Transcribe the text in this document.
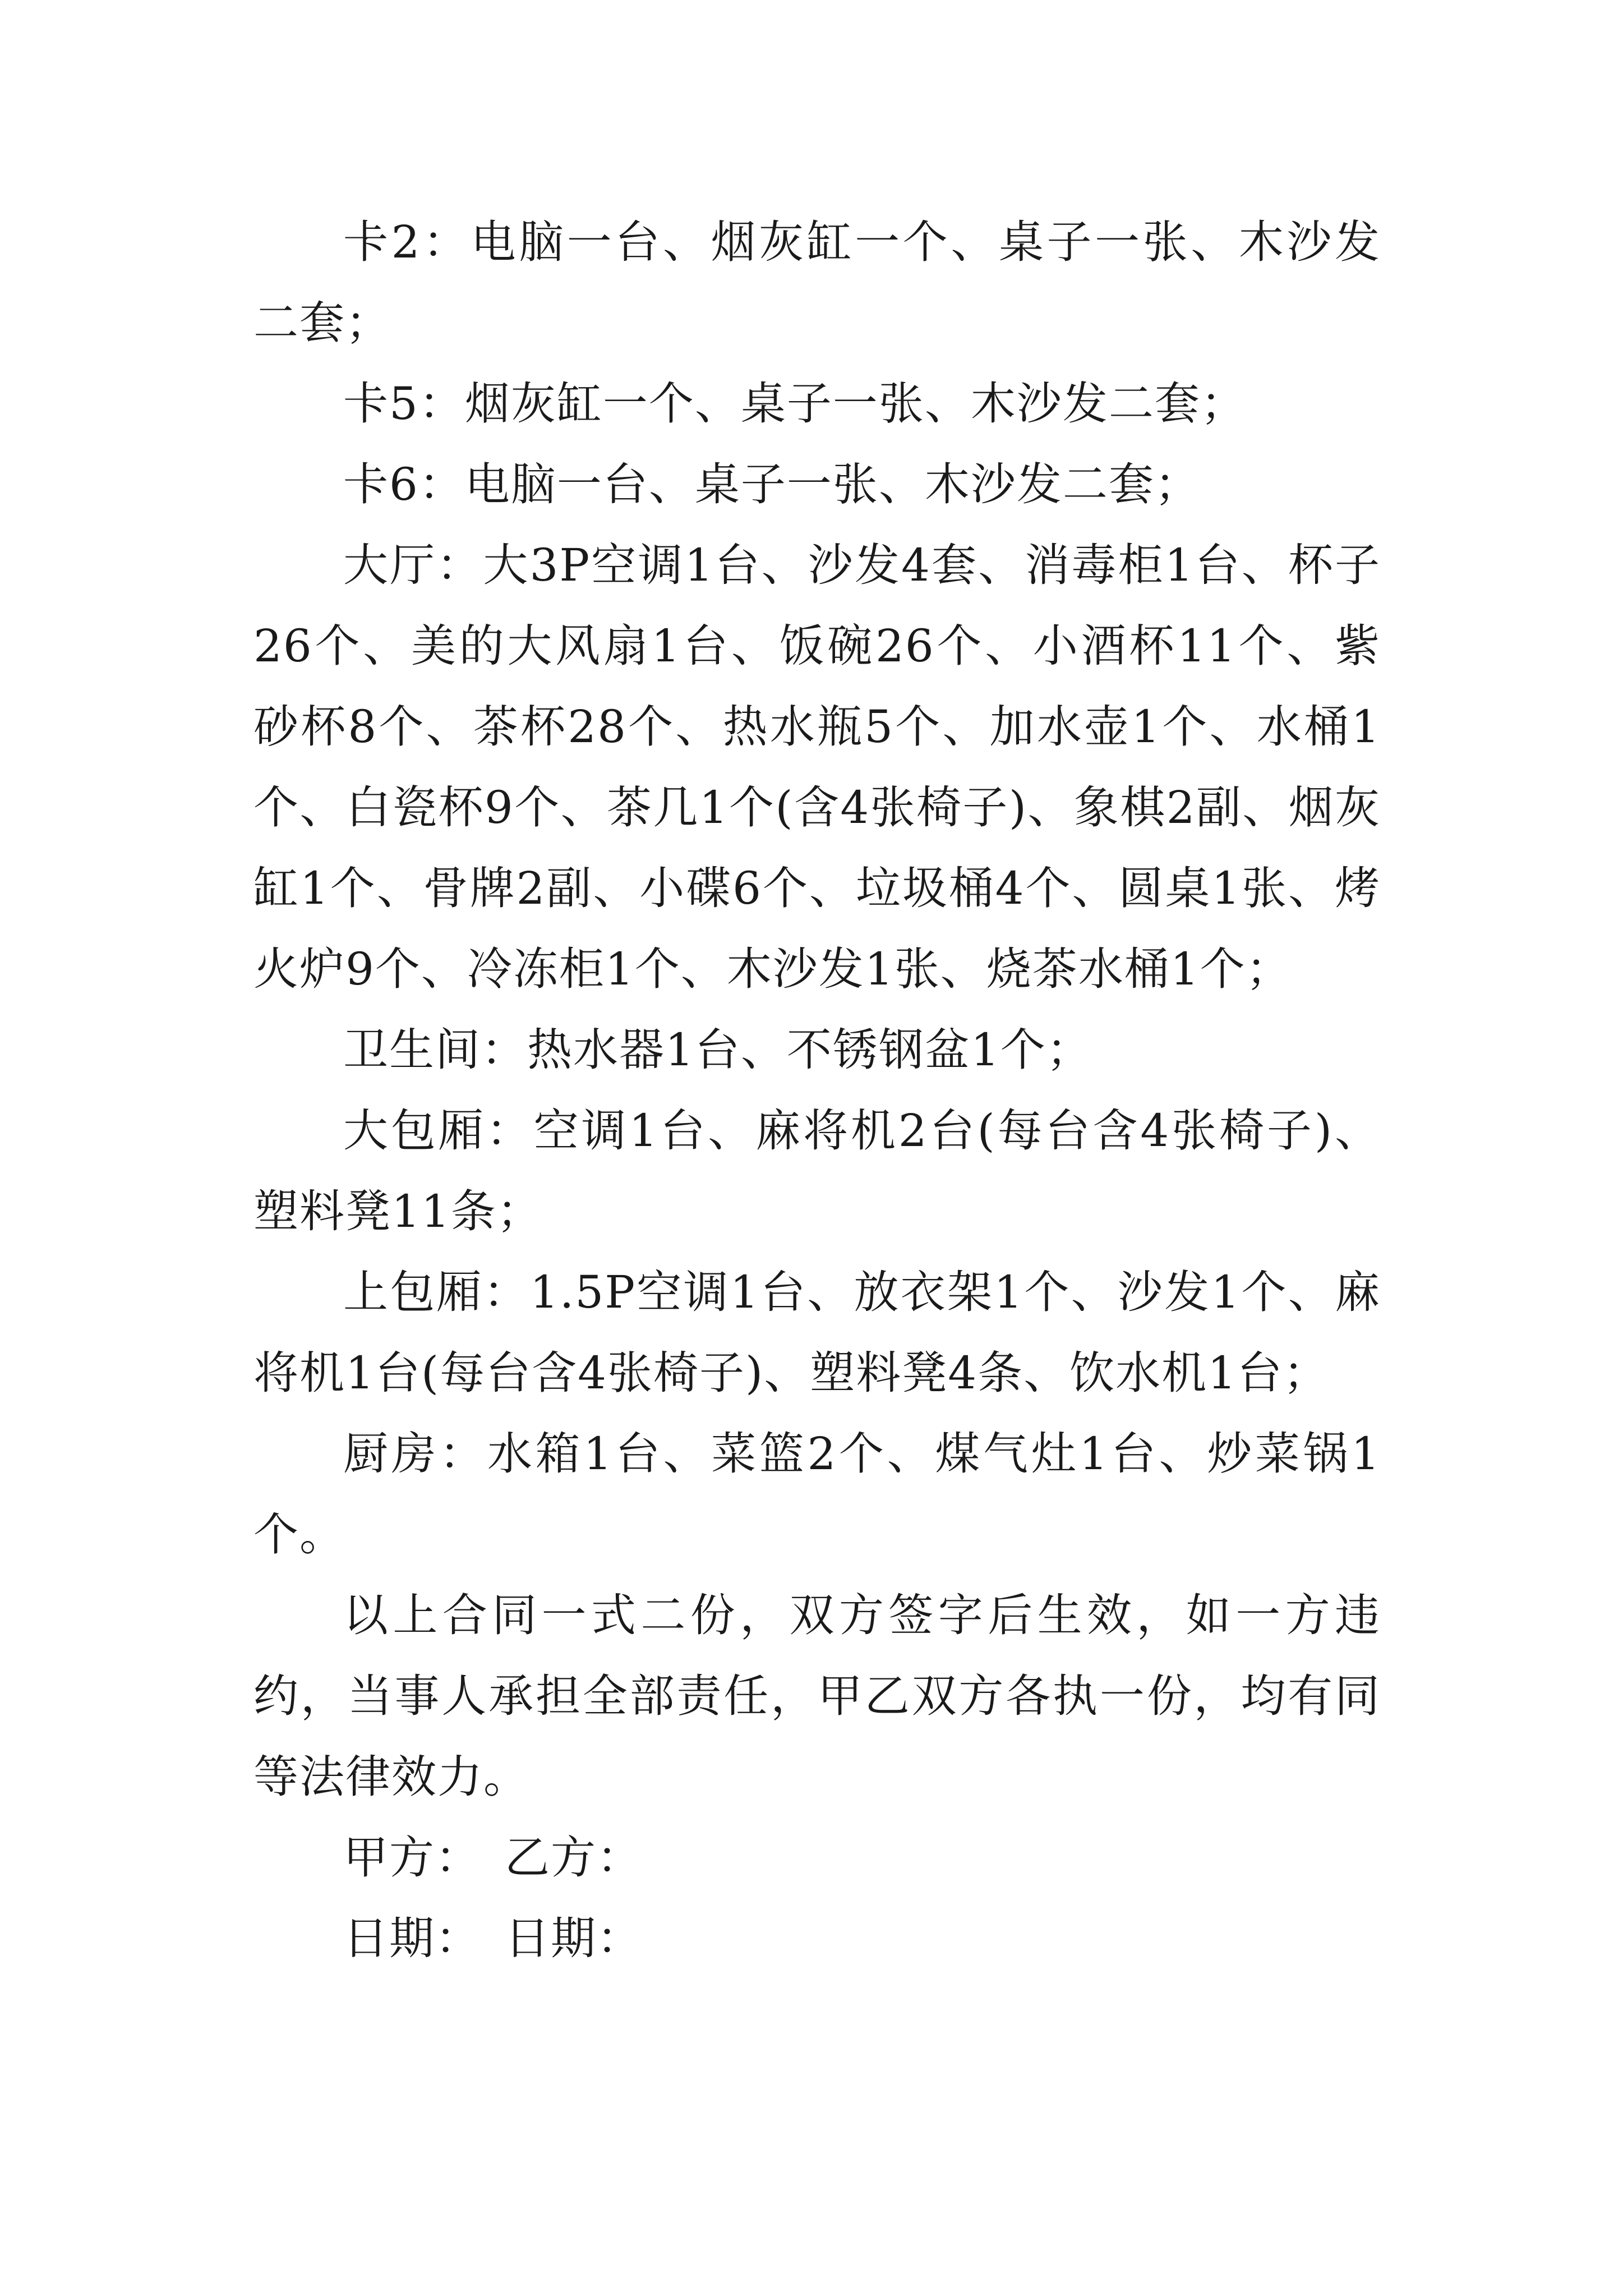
卡2：电脑一台、烟灰缸一个、桌子一张、木沙发二套；

卡5：烟灰缸一个、桌子一张、木沙发二套；

卡6：电脑一台、桌子一张、木沙发二套；

大厅：大3P空调1台、沙发4套、消毒柜1台、杯子26个、美的大风扇1台、饭碗26个、小酒杯11个、紫砂杯8个、茶杯28个、热水瓶5个、加水壶1个、水桶1个、白瓷杯9个、茶几1个(含4张椅子)、象棋2副、烟灰缸1个、骨牌2副、小碟6个、垃圾桶4个、圆桌1张、烤火炉9个、冷冻柜1个、木沙发1张、烧茶水桶1个；

卫生间：热水器1台、不锈钢盆1个；

大包厢：空调1台、麻将机2台(每台含4张椅子)、塑料凳11条；

上包厢：1.5P空调1台、放衣架1个、沙发1个、麻将机1台(每台含4张椅子)、塑料凳4条、饮水机1台；

厨房：水箱1台、菜篮2个、煤气灶1台、炒菜锅1个。

以上合同一式二份，双方签字后生效，如一方违约，当事人承担全部责任，甲乙双方各执一份，均有同等法律效力。

甲方：　乙方：

日期：　日期：
